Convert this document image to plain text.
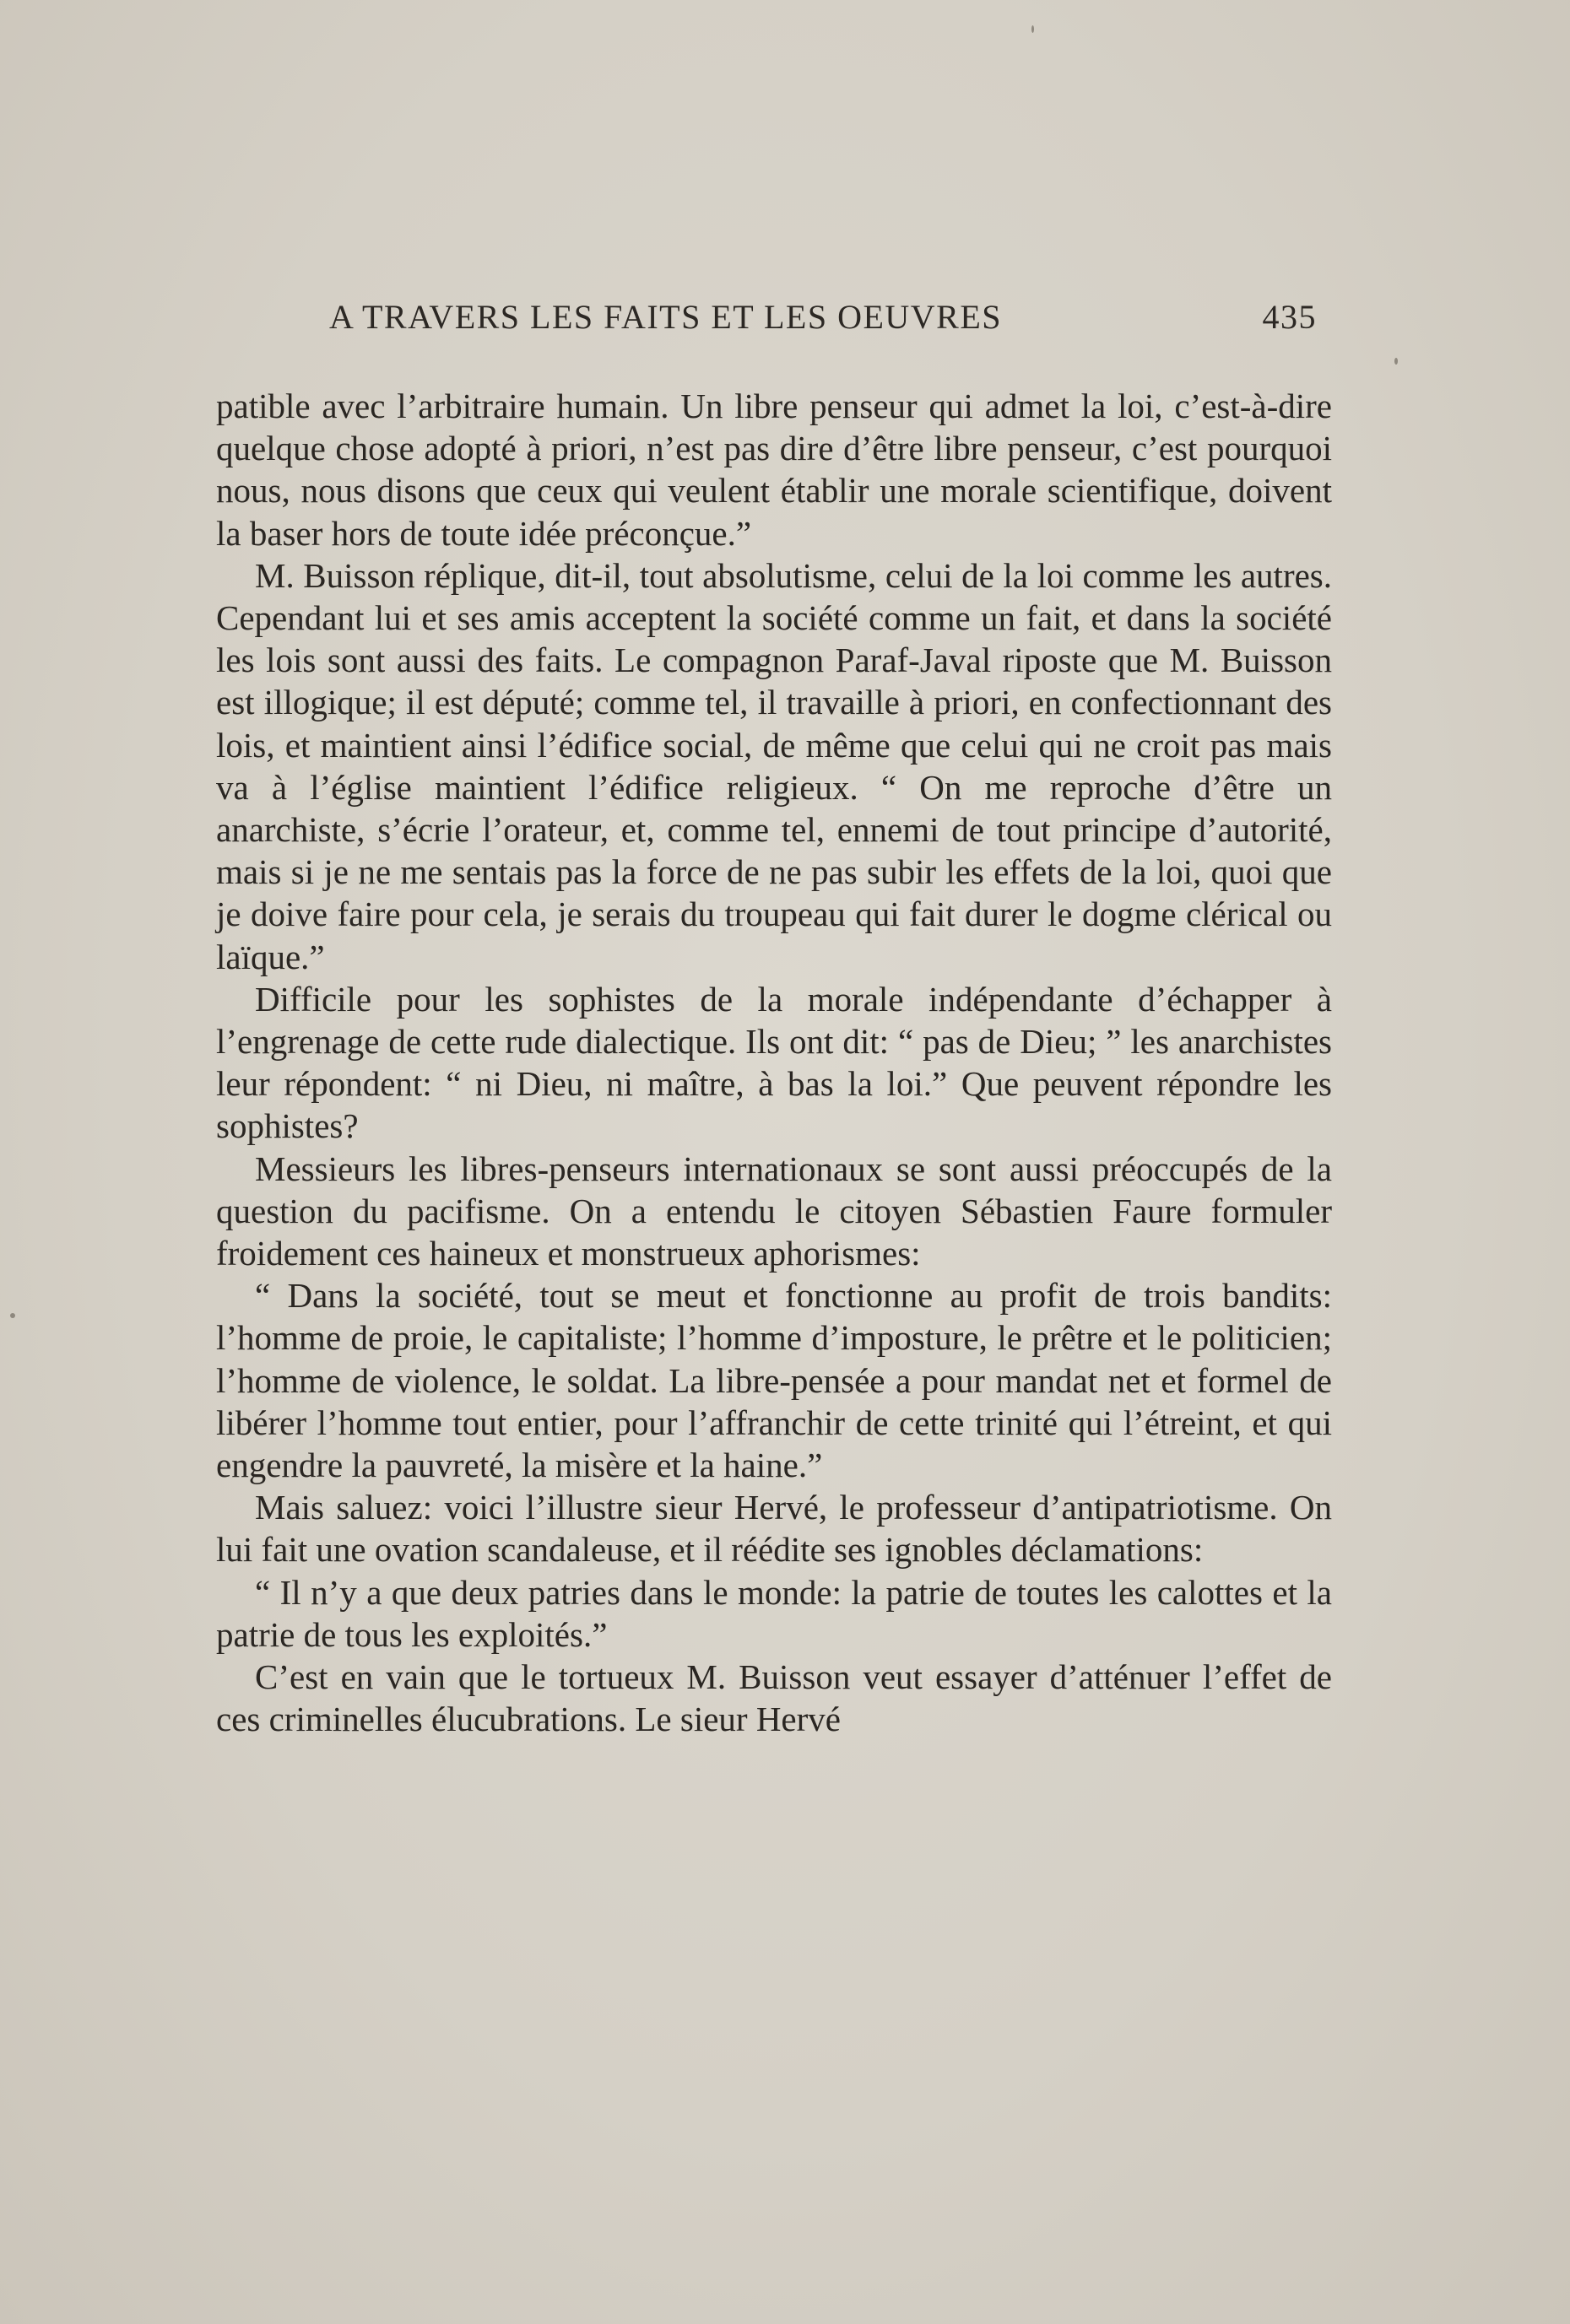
A TRAVERS LES FAITS ET LES OEUVRES	435

patible avec l’arbitraire humain. Un libre penseur qui admet la loi, c’est-à-dire quelque chose adopté à priori, n’est pas dire d’être libre penseur, c’est pourquoi nous, nous disons que ceux qui veulent établir une morale scientifique, doivent la baser hors de toute idée préconçue.”

M. Buisson réplique, dit-il, tout absolutisme, celui de la loi comme les autres. Cependant lui et ses amis acceptent la société comme un fait, et dans la société les lois sont aussi des faits. Le compagnon Paraf-Javal riposte que M. Buisson est illogique; il est député; comme tel, il travaille à priori, en confectionnant des lois, et maintient ainsi l’édifice social, de même que celui qui ne croit pas mais va à l’église maintient l’édifice religieux. “ On me reproche d’être un anarchiste, s’écrie l’orateur, et, comme tel, ennemi de tout principe d’autorité, mais si je ne me sentais pas la force de ne pas subir les effets de la loi, quoi que je doive faire pour cela, je serais du troupeau qui fait durer le dogme clérical ou laïque.”

Difficile pour les sophistes de la morale indépendante d’échapper à l’engrenage de cette rude dialectique. Ils ont dit: “ pas de Dieu; ” les anarchistes leur répondent: “ ni Dieu, ni maître, à bas la loi.” Que peuvent répondre les sophistes?

Messieurs les libres-penseurs internationaux se sont aussi préoccupés de la question du pacifisme. On a entendu le citoyen Sébastien Faure formuler froidement ces haineux et monstrueux aphorismes:

“ Dans la société, tout se meut et fonctionne au profit de trois bandits: l’homme de proie, le capitaliste; l’homme d’imposture, le prêtre et le politicien; l’homme de violence, le soldat. La libre-pensée a pour mandat net et formel de libérer l’homme tout entier, pour l’affranchir de cette trinité qui l’étreint, et qui engendre la pauvreté, la misère et la haine.”

Mais saluez: voici l’illustre sieur Hervé, le professeur d’antipatriotisme. On lui fait une ovation scandaleuse, et il réédite ses ignobles déclamations:

“ Il n’y a que deux patries dans le monde: la patrie de toutes les calottes et la patrie de tous les exploités.”

C’est en vain que le tortueux M. Buisson veut essayer d’atténuer l’effet de ces criminelles élucubrations. Le sieur Hervé
